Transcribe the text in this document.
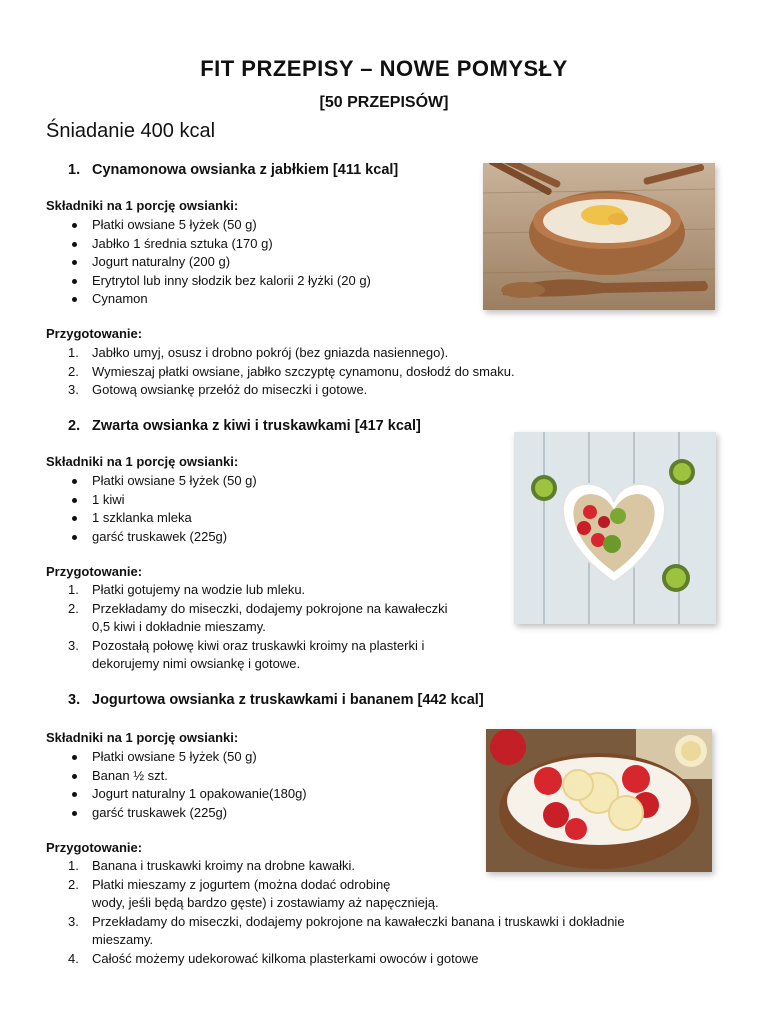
FIT PRZEPISY – NOWE POMYSŁY
[50 PRZEPISÓW]
Śniadanie 400 kcal
1. Cynamonowa owsianka z jabłkiem [411 kcal]
Składniki na 1 porcję owsianki:
Płatki owsiane 5 łyżek (50 g)
Jabłko 1 średnia sztuka (170 g)
Jogurt naturalny (200 g)
Erytrytol lub inny słodzik bez kalorii 2 łyżki (20 g)
Cynamon
Przygotowanie:
1. Jabłko umyj, osusz i drobno pokrój (bez gniazda nasiennego).
2. Wymieszaj płatki owsiane, jabłko szczyptę cynamonu, dosłodź do smaku.
3. Gotową owsiankę przełóż do miseczki i gotowe.
2. Zwarta owsianka z kiwi i truskawkami [417 kcal]
Składniki na 1 porcję owsianki:
Płatki owsiane 5 łyżek (50 g)
1 kiwi
1 szklanka mleka
garść truskawek (225g)
Przygotowanie:
1. Płatki gotujemy na wodzie lub mleku.
2. Przekładamy do miseczki, dodajemy pokrojone na kawałeczki
0,5 kiwi i dokładnie mieszamy.
3. Pozostałą połowę kiwi oraz truskawki kroimy na plasterki i
dekorujemy nimi owsiankę i gotowe.
3. Jogurtowa owsianka z truskawkami i bananem [442 kcal]
Składniki na 1 porcję owsianki:
Płatki owsiane 5 łyżek (50 g)
Banan ½ szt.
Jogurt naturalny 1 opakowanie(180g)
garść truskawek (225g)
Przygotowanie:
1. Banana i truskawki kroimy na drobne kawałki.
2. Płatki mieszamy z jogurtem (można dodać odrobinę
wody, jeśli będą bardzo gęste) i zostawiamy aż napęcznieją.
3. Przekładamy do miseczki, dodajemy pokrojone na kawałeczki banana i truskawki i dokładnie
mieszamy.
4. Całość możemy udekorować kilkoma plasterkami owoców i gotowe
